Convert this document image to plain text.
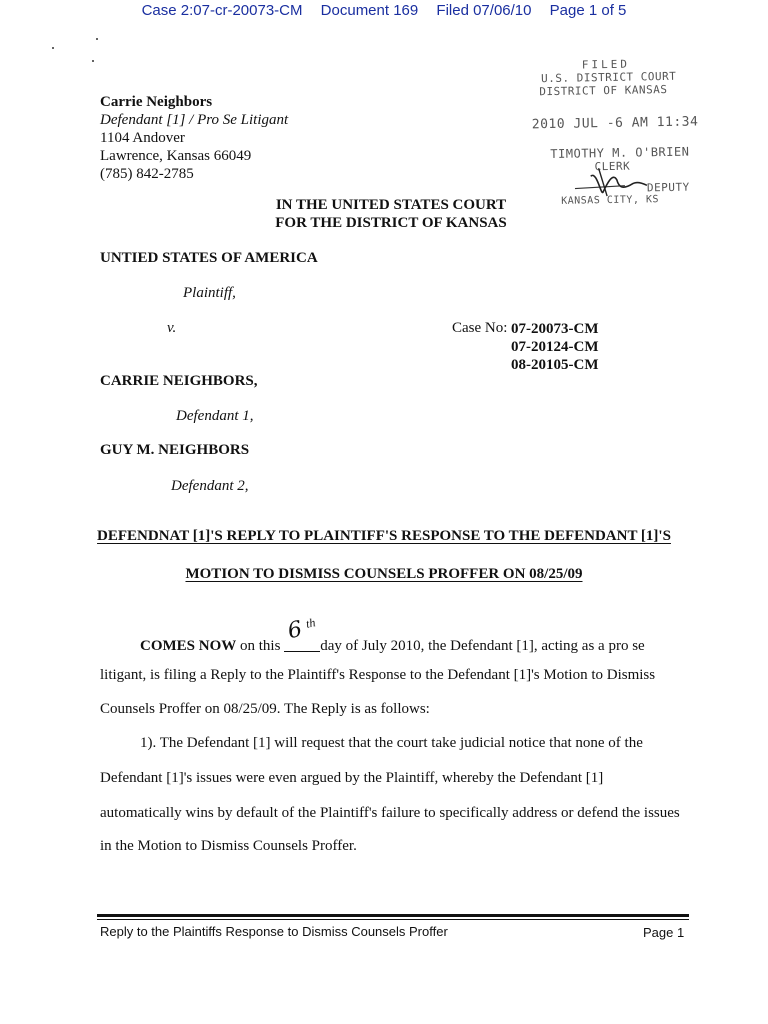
Case 2:07-cr-20073-CM Document 169 Filed 07/06/10 Page 1 of 5
Carrie Neighbors
Defendant [1] / Pro Se Litigant
1104 Andover
Lawrence, Kansas 66049
(785) 842-2785
FILED
U.S. DISTRICT COURT
DISTRICT OF KANSAS
2010 JUL -6 AM 11:34
TIMOTHY M. O'BRIEN
CLERK
DEPUTY
KANSAS CITY, KS
IN THE UNITED STATES COURT
FOR THE DISTRICT OF KANSAS
UNTIED STATES OF AMERICA
Plaintiff,
v.	Case No: 07-20073-CM
07-20124-CM
08-20105-CM
CARRIE NEIGHBORS,
Defendant 1,
GUY M. NEIGHBORS
Defendant 2,
DEFENDNAT [1]'S REPLY TO PLAINTIFF'S RESPONSE TO THE DEFENDANT [1]'S
MOTION TO DISMISS COUNSELS PROFFER ON 08/25/09
COMES NOW on this
6 th
day of July 2010, the Defendant [1], acting as a pro se
litigant, is filing a Reply to the Plaintiff's Response to the Defendant [1]'s Motion to Dismiss
Counsels Proffer on 08/25/09. The Reply is as follows:
1). The Defendant [1] will request that the court take judicial notice that none of the
Defendant [1]'s issues were even argued by the Plaintiff, whereby the Defendant [1]
automatically wins by default of the Plaintiff's failure to specifically address or defend the issues
in the Motion to Dismiss Counsels Proffer.
Reply to the Plaintiffs Response to Dismiss Counsels Proffer	Page 1
